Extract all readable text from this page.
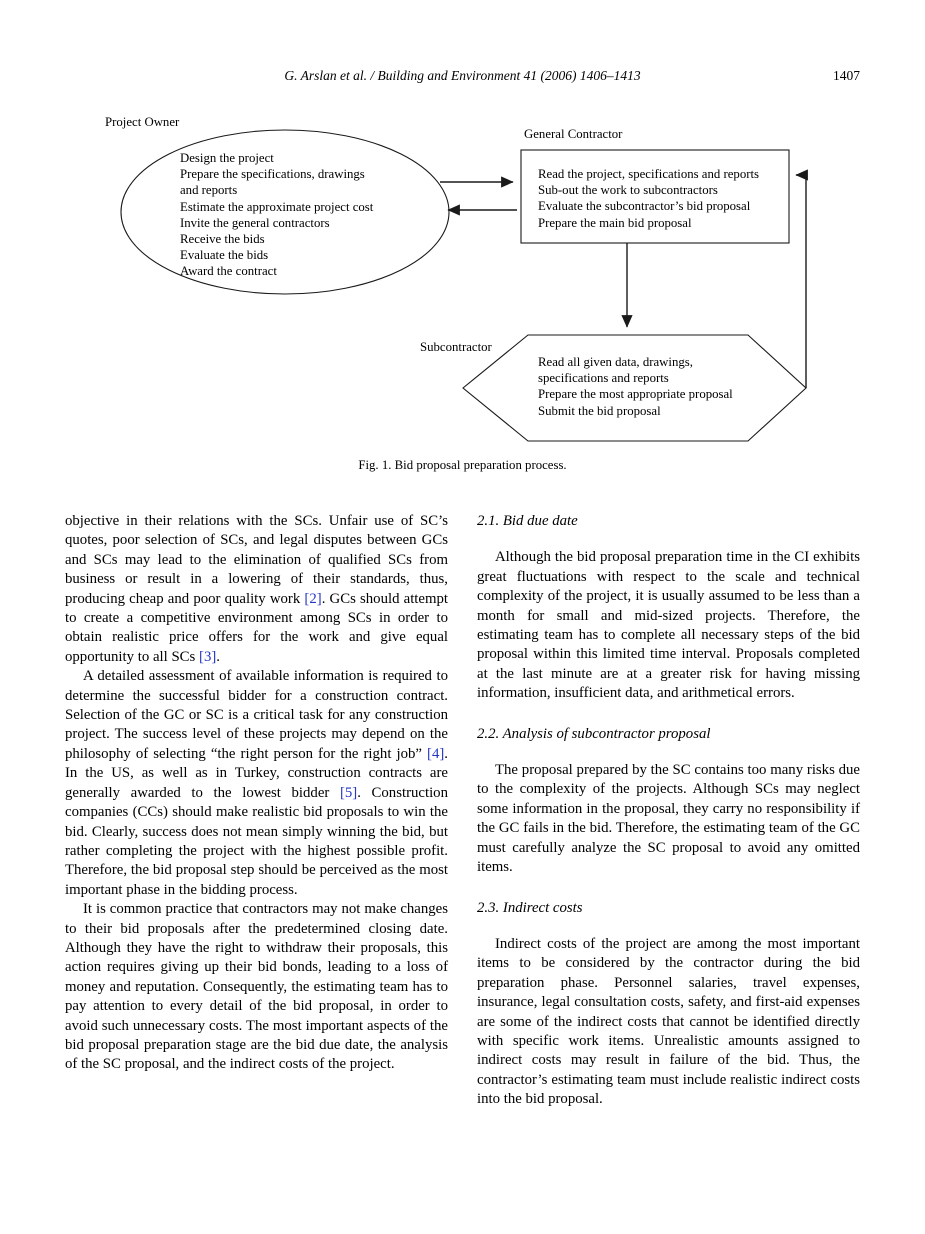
G. Arslan et al. / Building and Environment 41 (2006) 1406–1413	1407
Project Owner
Design the project
Prepare the specifications, drawings
and reports
Estimate the approximate project cost
Invite the general contractors
Receive the bids
Evaluate the bids
Award the contract
General Contractor
Read the project, specifications and reports
Sub-out the work to subcontractors
Evaluate the subcontractor’s bid proposal
Prepare the main bid proposal
Subcontractor
Read all given data, drawings,
specifications and reports
Prepare the most appropriate proposal
Submit the bid proposal
Fig. 1. Bid proposal preparation process.

objective in their relations with the SCs. Unfair use of SC’s quotes, poor selection of SCs, and legal disputes between GCs and SCs may lead to the elimination of qualified SCs from business or result in a lowering of their standards, thus, producing cheap and poor quality work [2]. GCs should attempt to create a competitive environment among SCs in order to obtain realistic price offers for the work and give equal opportunity to all SCs [3].

A detailed assessment of available information is required to determine the successful bidder for a construction contract. Selection of the GC or SC is a critical task for any construction project. The success level of these projects may depend on the philosophy of selecting “the right person for the right job” [4]. In the US, as well as in Turkey, construction contracts are generally awarded to the lowest bidder [5]. Construction companies (CCs) should make realistic bid proposals to win the bid. Clearly, success does not mean simply winning the bid, but rather completing the project with the highest possible profit. Therefore, the bid proposal step should be perceived as the most important phase in the bidding process.

It is common practice that contractors may not make changes to their bid proposals after the predetermined closing date. Although they have the right to withdraw their proposals, this action requires giving up their bid bonds, leading to a loss of money and reputation. Consequently, the estimating team has to pay attention to every detail of the bid proposal, in order to avoid such unnecessary costs. The most important aspects of the bid proposal preparation stage are the bid due date, the analysis of the SC proposal, and the indirect costs of the project.

2.1. Bid due date

Although the bid proposal preparation time in the CI exhibits great fluctuations with respect to the scale and technical complexity of the project, it is usually assumed to be less than a month for small and mid-sized projects. Therefore, the estimating team has to complete all necessary steps of the bid proposal within this limited time interval. Proposals completed at the last minute are at a greater risk for having missing information, insufficient data, and arithmetical errors.

2.2. Analysis of subcontractor proposal

The proposal prepared by the SC contains too many risks due to the complexity of the projects. Although SCs may neglect some information in the proposal, they carry no responsibility if the GC fails in the bid. Therefore, the estimating team of the GC must carefully analyze the SC proposal to avoid any omitted items.

2.3. Indirect costs

Indirect costs of the project are among the most important items to be considered by the contractor during the bid preparation phase. Personnel salaries, travel expenses, insurance, legal consultation costs, safety, and first-aid expenses are some of the indirect costs that cannot be identified directly with specific work items. Unrealistic amounts assigned to indirect costs may result in failure of the bid. Thus, the contractor’s estimating team must include realistic indirect costs into the bid proposal.
